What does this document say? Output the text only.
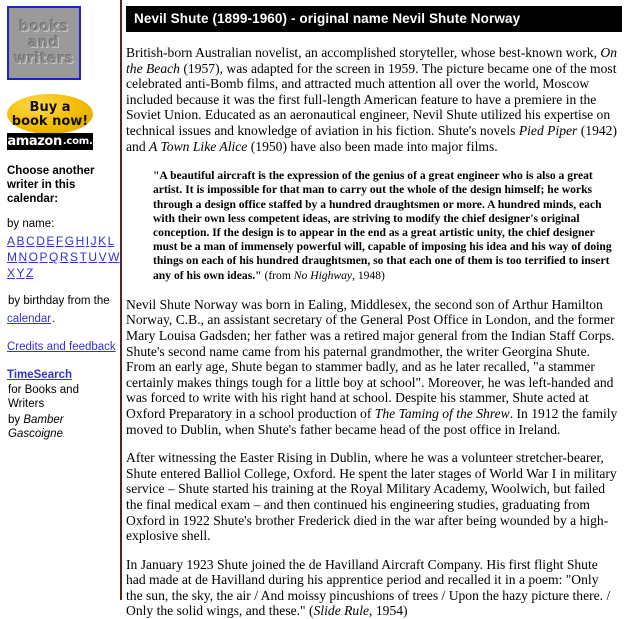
books
and
writers
Buy a
book now!
amazon .com.
Choose another writer in this calendar:
by name:
A B C D E F G H I J K L
M N O P Q R S T U V W
X Y Z
by birthday from the calendar.
Credits and feedback
TimeSearch
for Books and Writers
by Bamber Gascoigne
Nevil Shute (1899-1960) - original name Nevil Shute Norway

British-born Australian novelist, an accomplished storyteller, whose best-known work, On the Beach (1957), was adapted for the screen in 1959. The picture became one of the most celebrated anti-Bomb films, and attracted much attention all over the world, Moscow included because it was the first full-length American feature to have a premiere in the Soviet Union. Educated as an aeronautical engineer, Nevil Shute utilized his expertise on technical issues and knowledge of aviation in his fiction. Shute's novels Pied Piper (1942) and A Town Like Alice (1950) have also been made into major films.

"A beautiful aircraft is the expression of the genius of a great engineer who is also a great artist. It is impossible for that man to carry out the whole of the design himself; he works through a design office staffed by a hundred draughtsmen or more. A hundred minds, each with their own less competent ideas, are striving to modify the chief designer's original conception. If the design is to appear in the end as a great artistic unity, the chief designer must be a man of immensely powerful will, capable of imposing his idea and his way of doing things on each of his hundred draughtsmen, so that each one of them is too terrified to insert any of his own ideas." (from No Highway, 1948)

Nevil Shute Norway was born in Ealing, Middlesex, the second son of Arthur Hamilton Norway, C.B., an assistant secretary of the General Post Office in London, and the former Mary Louisa Gadsden; her father was a retired major general from the Indian Staff Corps. Shute's second name came from his paternal grandmother, the writer Georgina Shute. From an early age, Shute began to stammer badly, and as he later recalled, "a stammer certainly makes things tough for a little boy at school". Moreover, he was left-handed and was forced to write with his right hand at school. Despite his stammer, Shute acted at Oxford Preparatory in a school production of The Taming of the Shrew. In 1912 the family moved to Dublin, when Shute's father became head of the post office in Ireland.

After witnessing the Easter Rising in Dublin, where he was a volunteer stretcher-bearer, Shute entered Balliol College, Oxford. He spent the later stages of World War I in military service – Shute started his training at the Royal Military Academy, Woolwich, but failed the final medical exam – and then continued his engineering studies, graduating from Oxford in 1922 Shute's brother Frederick died in the war after being wounded by a high-explosive shell.

In January 1923 Shute joined the de Havilland Aircraft Company. His first flight Shute had made at de Havilland during his apprentice period and recalled it in a poem: "Only the sun, the sky, the air / And moissy pincushions of trees / Upon the hazy picture there. / Only the solid wings, and these." (Slide Rule, 1954)
